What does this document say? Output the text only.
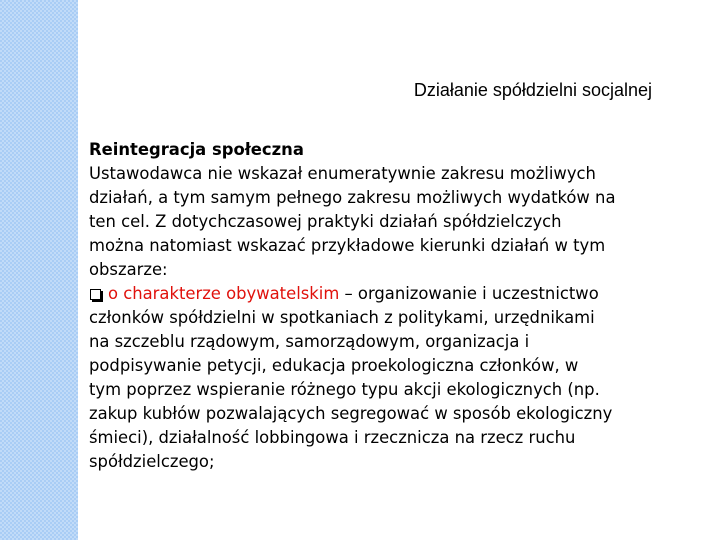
Działanie spółdzielni socjalnej
Reintegracja społeczna
Ustawodawca nie wskazał enumeratywnie zakresu możliwych
działań, a tym samym pełnego zakresu możliwych wydatków na
ten cel. Z dotychczasowej praktyki działań spółdzielczych
można natomiast wskazać przykładowe kierunki działań w tym
obszarze:
o charakterze obywatelskim – organizowanie i uczestnictwo
członków spółdzielni w spotkaniach z politykami, urzędnikami
na szczeblu rządowym, samorządowym, organizacja i
podpisywanie petycji, edukacja proekologiczna członków, w
tym poprzez wspieranie różnego typu akcji ekologicznych (np.
zakup kubłów pozwalających segregować w sposób ekologiczny
śmieci), działalność lobbingowa i rzecznicza na rzecz ruchu
spółdzielczego;
